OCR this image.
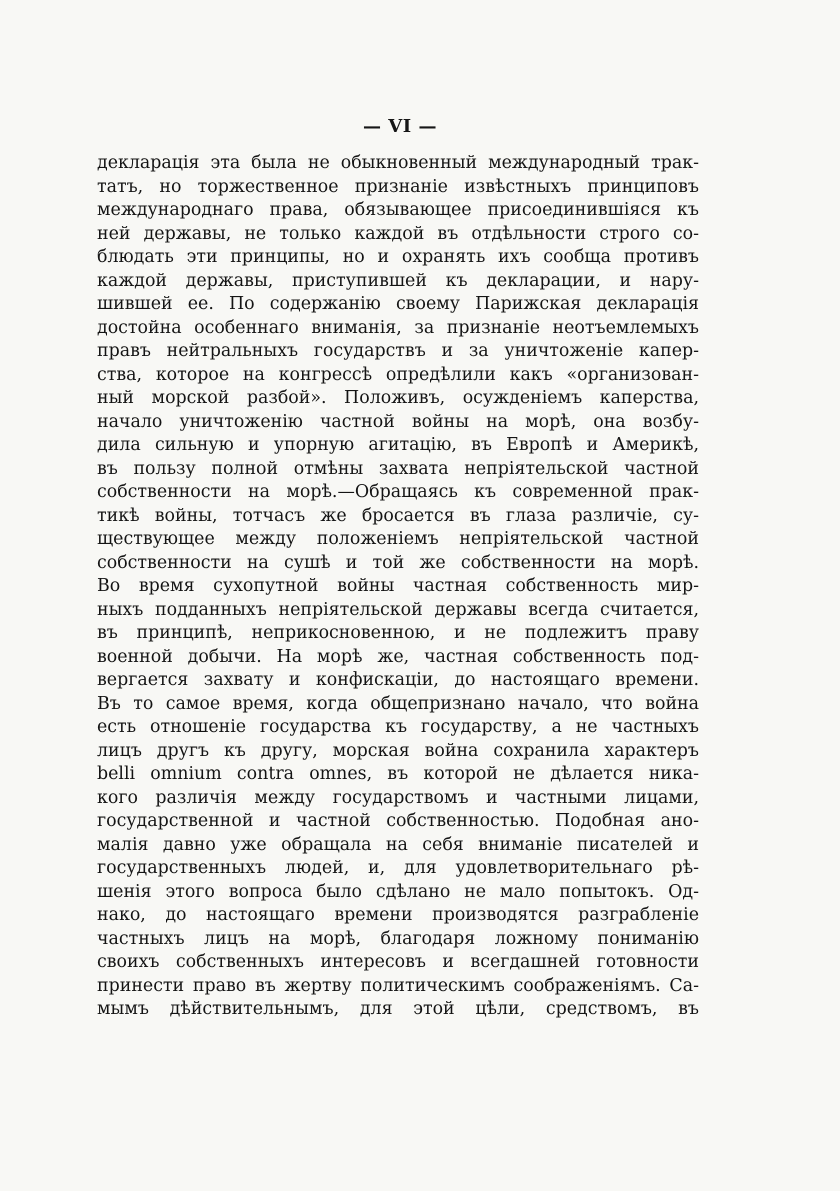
— VI —
декларація эта была не обыкновенный международный трак-
татъ, но торжественное признаніе извѣстныхъ принциповъ
международнаго права, обязывающее присоединившіяся къ
ней державы, не только каждой въ отдѣльности строго со-
блюдать эти принципы, но и охранять ихъ сообща противъ
каждой державы, приступившей къ декларации, и нару-
шившей ее. По содержанію своему Парижская декларація
достойна особеннаго вниманія, за признаніе неотъемлемыхъ
правъ нейтральныхъ государствъ и за уничтоженіе капер-
ства, которое на конгрессѣ опредѣлили какъ «организован-
ный морской разбой». Положивъ, осужденіемъ каперства,
начало уничтоженію частной войны на морѣ, она возбу-
дила сильную и упорную агитацію, въ Европѣ и Америкѣ,
въ пользу полной отмѣны захвата непріятельской частной
собственности на морѣ.—Обращаясь къ современной прак-
тикѣ войны, тотчасъ же бросается въ глаза различіе, су-
ществующее между положеніемъ непріятельской частной
собственности на сушѣ и той же собственности на морѣ.
Во время сухопутной войны частная собственность мир-
ныхъ подданныхъ непріятельской державы всегда считается,
въ принципѣ, неприкосновенною, и не подлежитъ праву
военной добычи. На морѣ же, частная собственность под-
вергается захвату и конфискаціи, до настоящаго времени.
Въ то самое время, когда общепризнано начало, что война
есть отношеніе государства къ государству, а не частныхъ
лицъ другъ къ другу, морская война сохранила характеръ
belli omnium contra omnes, въ которой не дѣлается ника-
кого различія между государствомъ и частными лицами,
государственной и частной собственностью. Подобная ано-
малія давно уже обращала на себя вниманіе писателей и
государственныхъ людей, и, для удовлетворительнаго рѣ-
шенія этого вопроса было сдѣлано не мало попытокъ. Од-
нако, до настоящаго времени производятся разграбленіе
частныхъ лицъ на морѣ, благодаря ложному пониманію
своихъ собственныхъ интересовъ и всегдашней готовности
принести право въ жертву политическимъ соображеніямъ. Са-
мымъ дѣйствительнымъ, для этой цѣли, средствомъ, въ
